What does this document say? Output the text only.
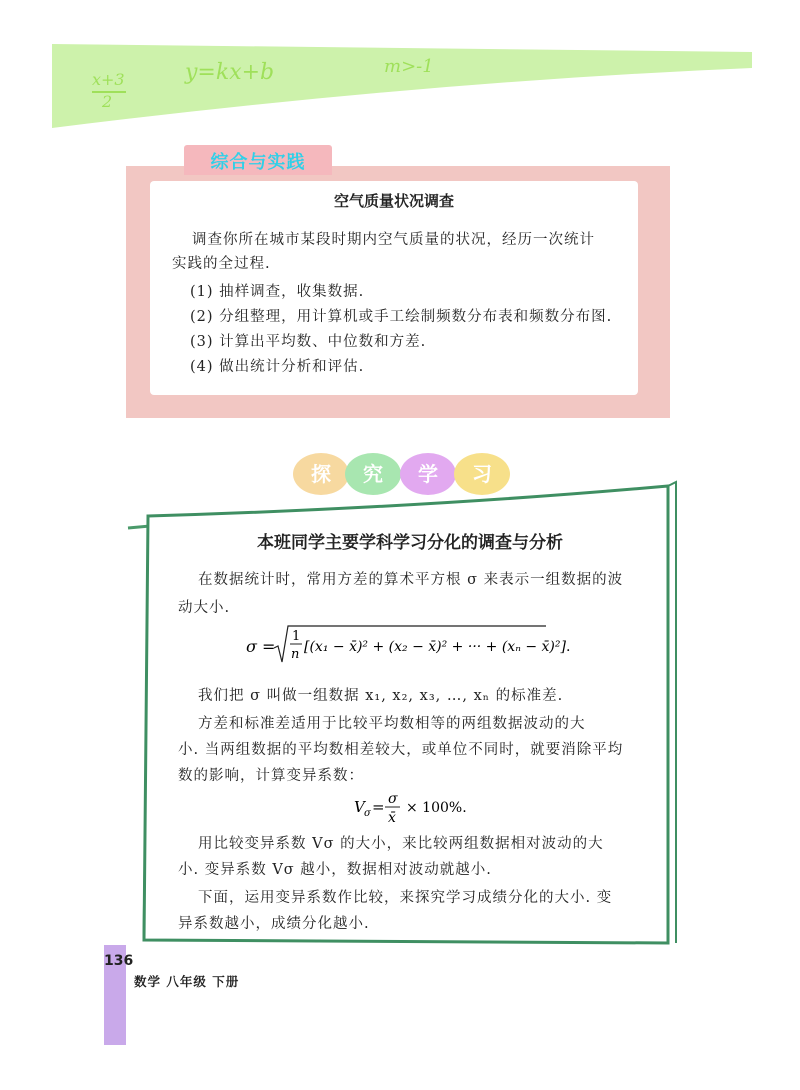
x+3
2
y=kx+b	m>-1
综合与实践
空气质量状况调查
调查你所在城市某段时期内空气质量的状况，经历一次统计
实践的全过程.
(1) 抽样调查，收集数据.
(2) 分组整理，用计算机或手工绘制频数分布表和频数分布图.
(3) 计算出平均数、中位数和方差.
(4) 做出统计分析和评估.
探	究	学	习
本班同学主要学科学习分化的调查与分析
在数据统计时，常用方差的算术平方根 σ 来表示一组数据的波
动大小.
σ =
1
n [(x₁ − x̄)² + (x₂ − x̄)² + ··· + (xₙ − x̄)²] .
我们把 σ 叫做一组数据 x₁, x₂, x₃, …, xₙ 的标准差.
方差和标准差适用于比较平均数相等的两组数据波动的大
小. 当两组数据的平均数相差较大，或单位不同时，就要消除平均
数的影响，计算变异系数：
V σ = σ
x̄
× 100%.
用比较变异系数 Vσ 的大小，来比较两组数据相对波动的大
小. 变异系数 Vσ 越小，数据相对波动就越小.
下面，运用变异系数作比较，来探究学习成绩分化的大小. 变
异系数越小，成绩分化越小.
136
数学 八年级 下册
